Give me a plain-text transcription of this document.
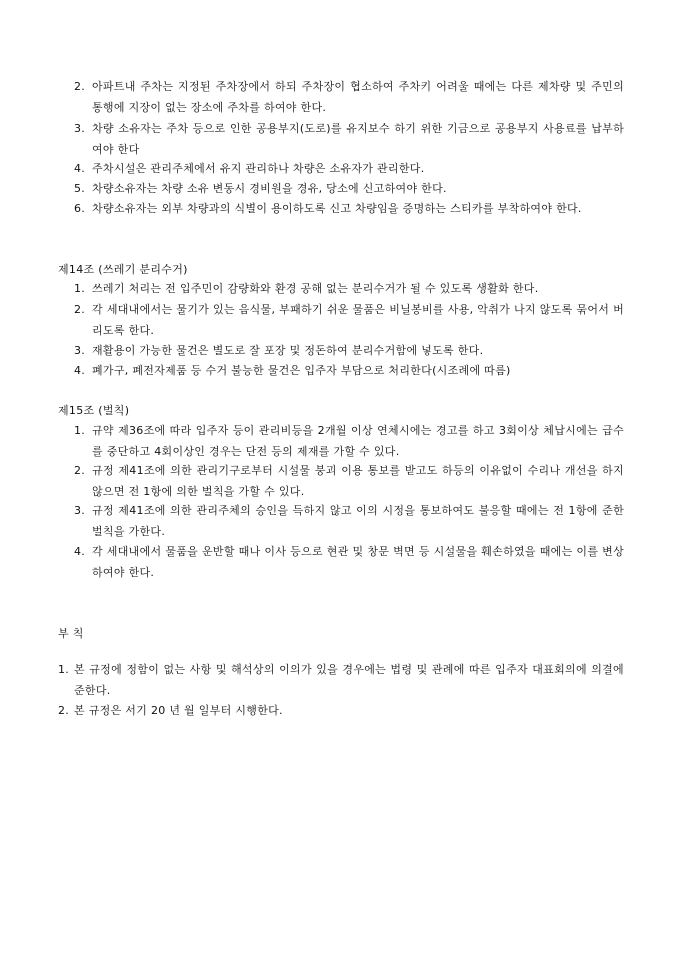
2. 아파트내 주차는 지정된 주차장에서 하되 주차장이 협소하여 주차키 어려울 때에는 다른 제차량 및 주민의 통행에 지장이 없는 장소에 주차를 하여야 한다.
3. 차량 소유자는 주차 등으로 인한 공용부지(도로)를 유지보수 하기 위한 기금으로 공용부지 사용료를 납부하여야 한다
4. 주차시설은 관리주체에서 유지 관리하나 차량은 소유자가 관리한다.
5. 차량소유자는 차량 소유 변동시 경비원을 경유, 당소에 신고하여야 한다.
6. 차량소유자는 외부 차량과의 식별이 용이하도록 신고 차량임을 증명하는 스티카를 부착하여야 한다.
제14조 (쓰레기 분리수거)
1. 쓰레기 처리는 전 입주민이 감량화와 환경 공해 없는 분리수거가 될 수 있도록 생활화 한다.
2. 각 세대내에서는 물기가 있는 음식물, 부패하기 쉬운 물품은 비닐봉비를 사용, 악취가 나지 않도록 묶어서 버리도록 한다.
3. 재활용이 가능한 물건은 별도로 잘 포장 및 정돈하여 분리수거함에 넣도록 한다.
4. 폐가구, 폐전자제품 등 수거 불능한 물건은 입주자 부담으로 처리한다(시조례에 따름)
제15조 (벌칙)
1. 규약 제36조에 따라 입주자 등이 관리비등을 2개월 이상 연체시에는 경고를 하고 3회이상 체납시에는 급수를 중단하고 4회이상인 경우는 단전 등의 제재를 가할 수 있다.
2. 규정 제41조에 의한 관리기구로부터 시설물 붕괴 이용 통보를 받고도 하등의 이유없이 수리나 개선을 하지 않으면 전 1항에 의한 벌칙을 가할 수 있다.
3. 규정 제41조에 의한 관리주체의 승인을 득하지 않고 이의 시정을 통보하여도 불응할 때에는 전 1항에 준한 벌칙을 가한다.
4. 각 세대내에서 물품을 운반할 때나 이사 등으로 현관 및 창문 벽면 등 시설물을 훼손하였을 때에는 이를 변상하여야 한다.
부 칙
1. 본 규정에 정함이 없는 사항 및 해석상의 이의가 있을 경우에는 법령 및 관례에 따른 입주자 대표회의에 의결에 준한다.
2. 본 규정은 서기 20 년 월 일부터 시행한다.
